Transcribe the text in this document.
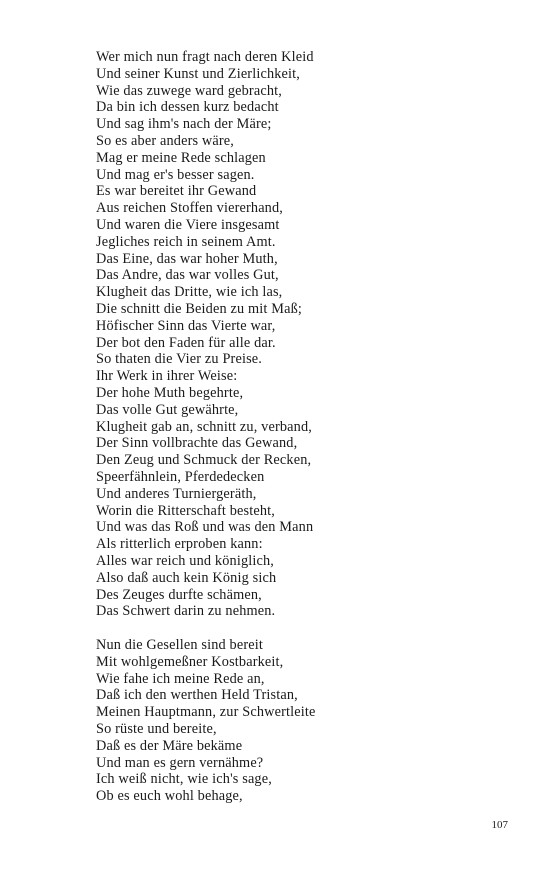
Wer mich nun fragt nach deren Kleid
Und seiner Kunst und Zierlichkeit,
Wie das zuwege ward gebracht,
Da bin ich dessen kurz bedacht
Und sag ihm's nach der Märe;
So es aber anders wäre,
Mag er meine Rede schlagen
Und mag er's besser sagen.
Es war bereitet ihr Gewand
Aus reichen Stoffen viererhand,
Und waren die Viere insgesamt
Jegliches reich in seinem Amt.
Das Eine, das war hoher Muth,
Das Andre, das war volles Gut,
Klugheit das Dritte, wie ich las,
Die schnitt die Beiden zu mit Maß;
Höfischer Sinn das Vierte war,
Der bot den Faden für alle dar.
So thaten die Vier zu Preise.
Ihr Werk in ihrer Weise:
Der hohe Muth begehrte,
Das volle Gut gewährte,
Klugheit gab an, schnitt zu, verband,
Der Sinn vollbrachte das Gewand,
Den Zeug und Schmuck der Recken,
Speerfähnlein, Pferdedecken
Und anderes Turniergeräth,
Worin die Ritterschaft besteht,
Und was das Roß und was den Mann
Als ritterlich erproben kann:
Alles war reich und königlich,
Also daß auch kein König sich
Des Zeuges durfte schämen,
Das Schwert darin zu nehmen.
Nun die Gesellen sind bereit
Mit wohlgemeßner Kostbarkeit,
Wie fahe ich meine Rede an,
Daß ich den werthen Held Tristan,
Meinen Hauptmann, zur Schwertleite
So rüste und bereite,
Daß es der Märe bekäme
Und man es gern vernähme?
Ich weiß nicht, wie ich's sage,
Ob es euch wohl behage,
107
